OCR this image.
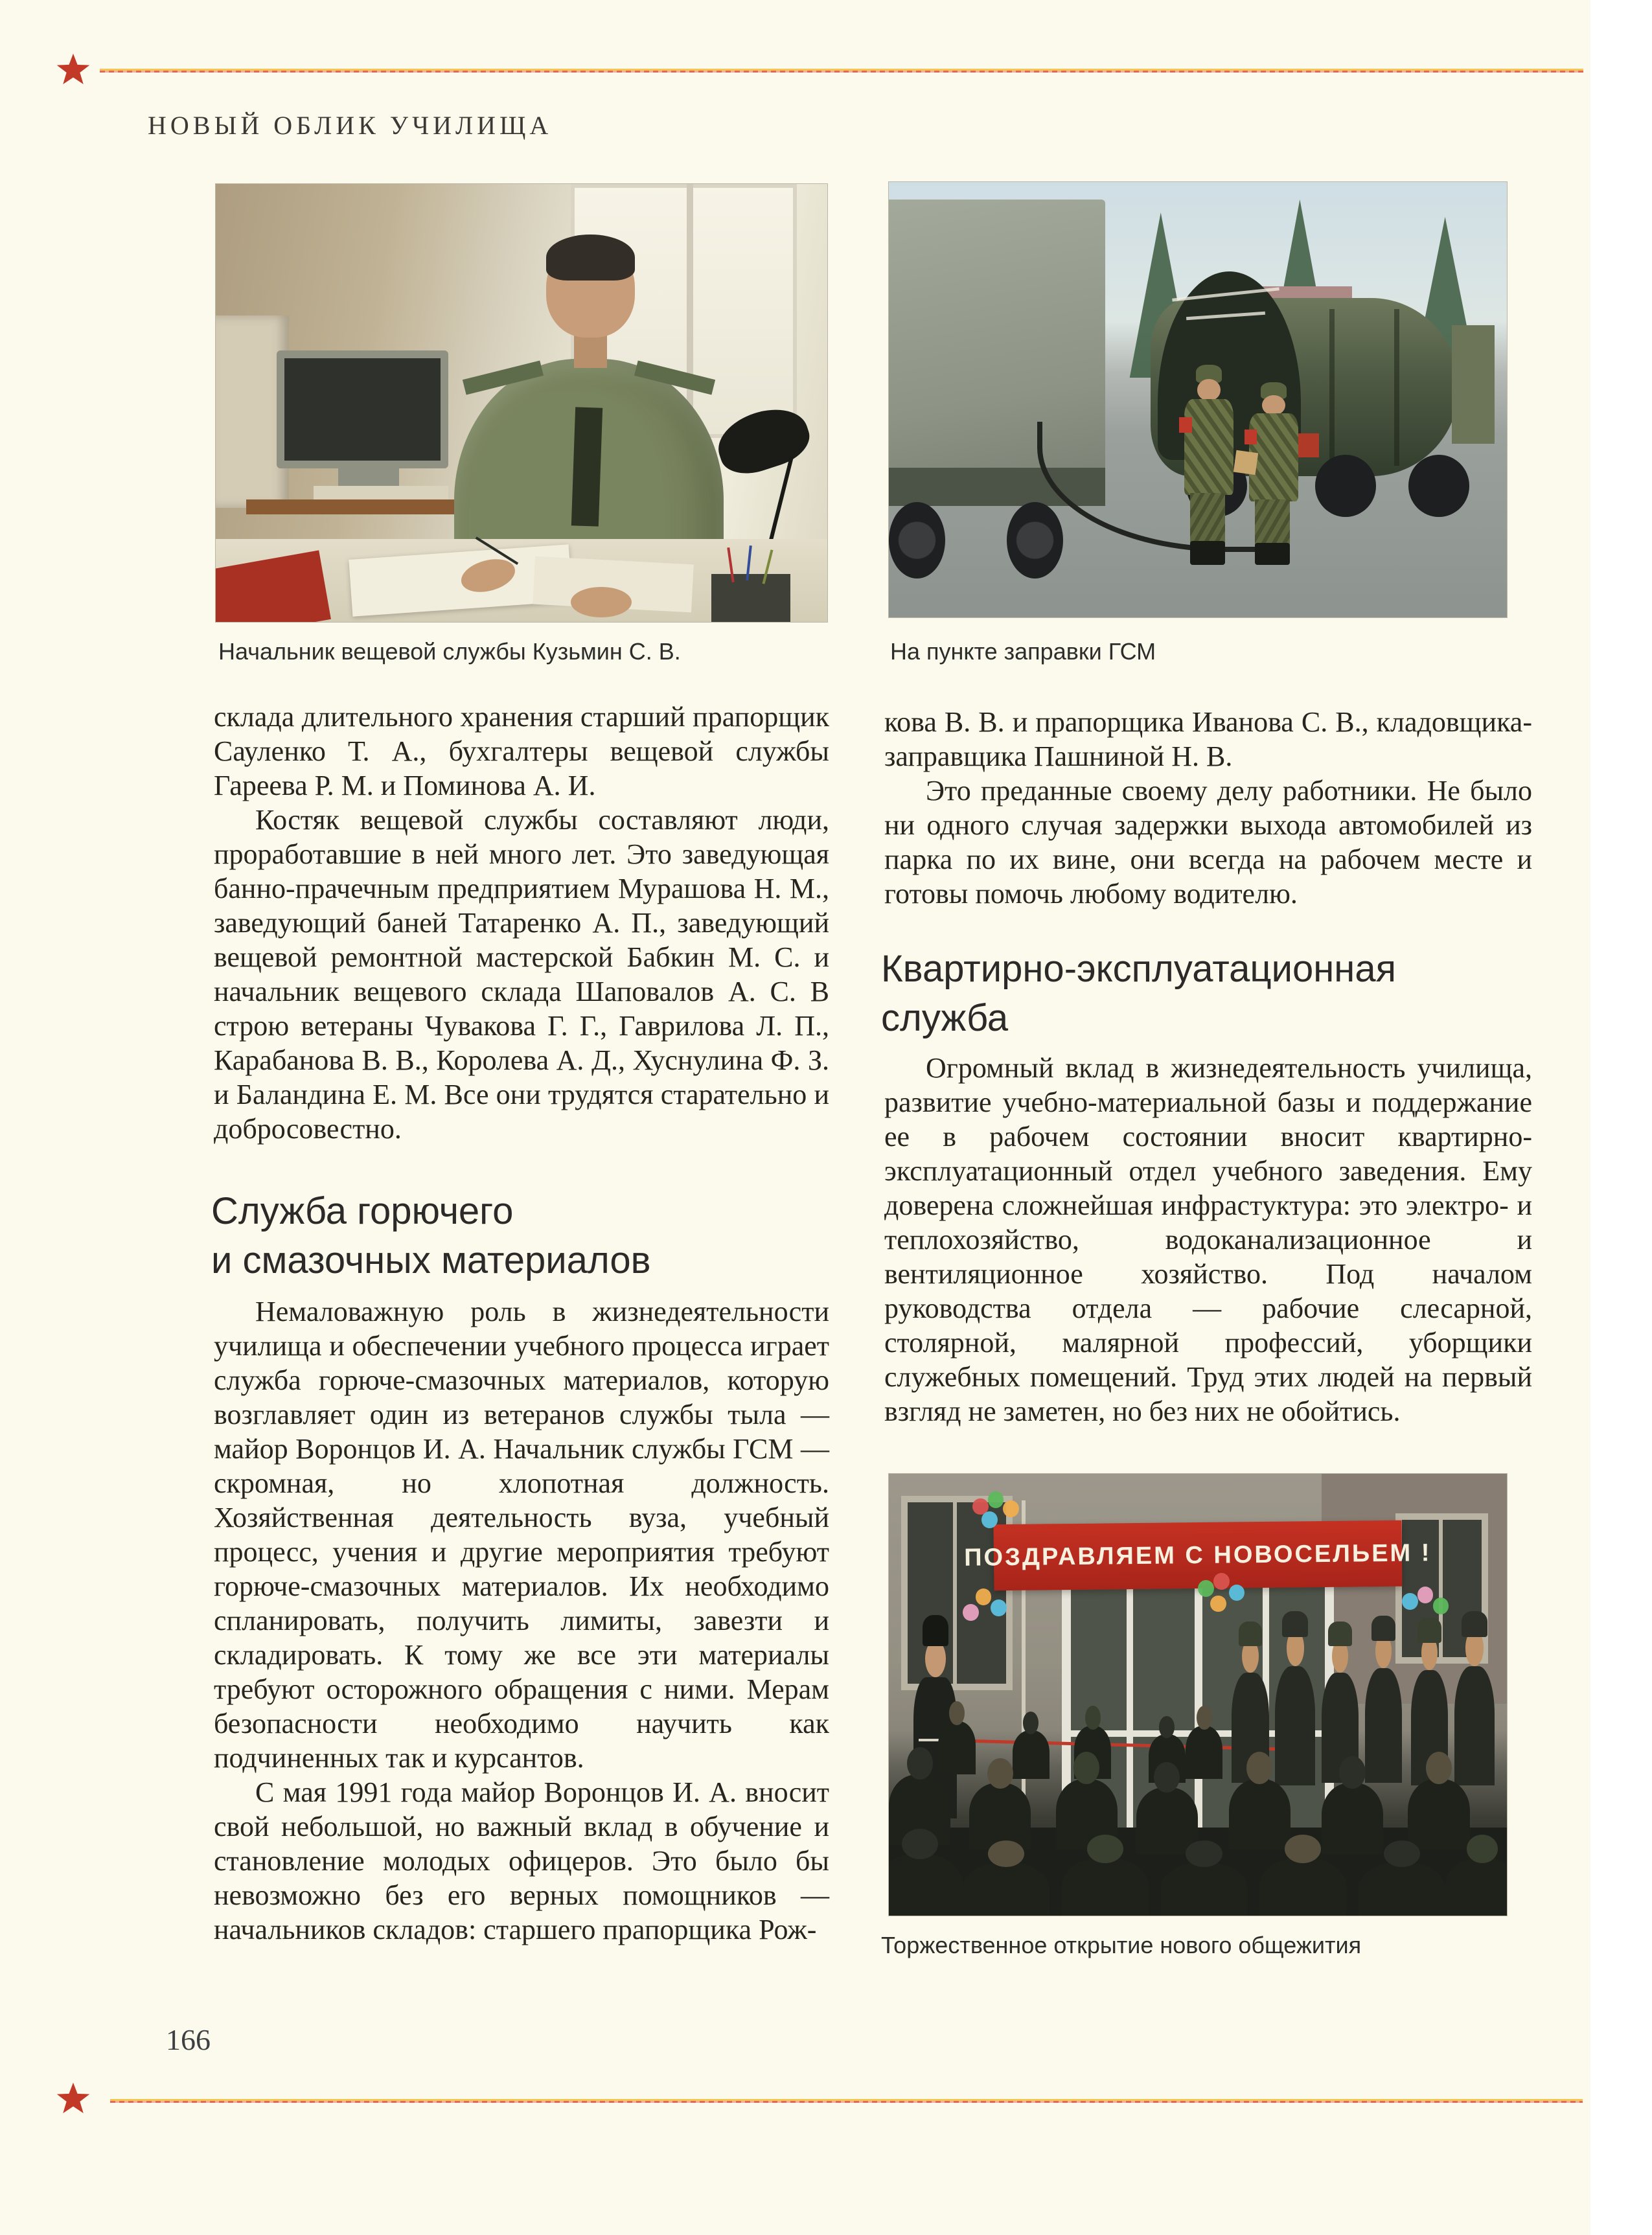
НОВЫЙ ОБЛИК УЧИЛИЩА
Начальник вещевой службы Кузьмин С. В.	На пункте заправки ГСМ

склада длительного хранения старший прапорщик Сауленко Т. А., бухгалтеры вещевой службы Гареева Р. М. и Поминова А. И.

Костяк вещевой службы составляют люди, проработавшие в ней много лет. Это заведующая банно-прачечным предприятием Мурашова Н. М., заведующий баней Татаренко А. П., заведующий вещевой ремонтной мастерской Бабкин М. С. и начальник вещевого склада Шаповалов А. С. В строю ветераны Чувакова Г. Г., Гаврилова Л. П., Карабанова В. В., Королева А. Д., Хуснулина Ф. З. и Баландина Е. М. Все они трудятся старательно и добросовестно.

Служба горючего
и смазочных материалов

Немаловажную роль в жизнедеятельности училища и обеспечении учебного процесса играет служба горюче-смазочных материалов, которую возглавляет один из ветеранов службы тыла — майор Воронцов И. А. Начальник службы ГСМ — скромная, но хлопотная должность. Хозяйственная деятельность вуза, учебный процесс, учения и другие мероприятия требуют горюче-смазочных материалов. Их необходимо спланировать, получить лимиты, завезти и складировать. К тому же все эти материалы требуют осторожного обращения с ними. Мерам безопасности необходимо научить как подчиненных так и курсантов.

С мая 1991 года майор Воронцов И. А. вносит свой небольшой, но важный вклад в обучение и становление молодых офицеров. Это было бы невозможно без его верных помощников — начальников складов: старшего прапорщика Рож-

кова В. В. и прапорщика Иванова С. В., кладовщика-заправщика Пашниной Н. В.

Это преданные своему делу работники. Не было ни одного случая задержки выхода автомобилей из парка по их вине, они всегда на рабочем месте и готовы помочь любому водителю.

Квартирно-эксплуатационная
служба

Огромный вклад в жизнедеятельность училища, развитие учебно-материальной базы и поддержание ее в рабочем состоянии вносит квартирно-эксплуатационный отдел учебного заведения. Ему доверена сложнейшая инфрастуктура: это электро- и теплохозяйство, водоканализационное и вентиляционное хозяйство. Под началом руководства отдела — рабочие слесарной, столярной, малярной профессий, уборщики служебных помещений. Труд этих людей на первый взгляд не заметен, но без них не обойтись.

ПОЗДРАВЛЯЕМ С НОВОСЕЛЬЕМ !
Торжественное открытие нового общежития
166
